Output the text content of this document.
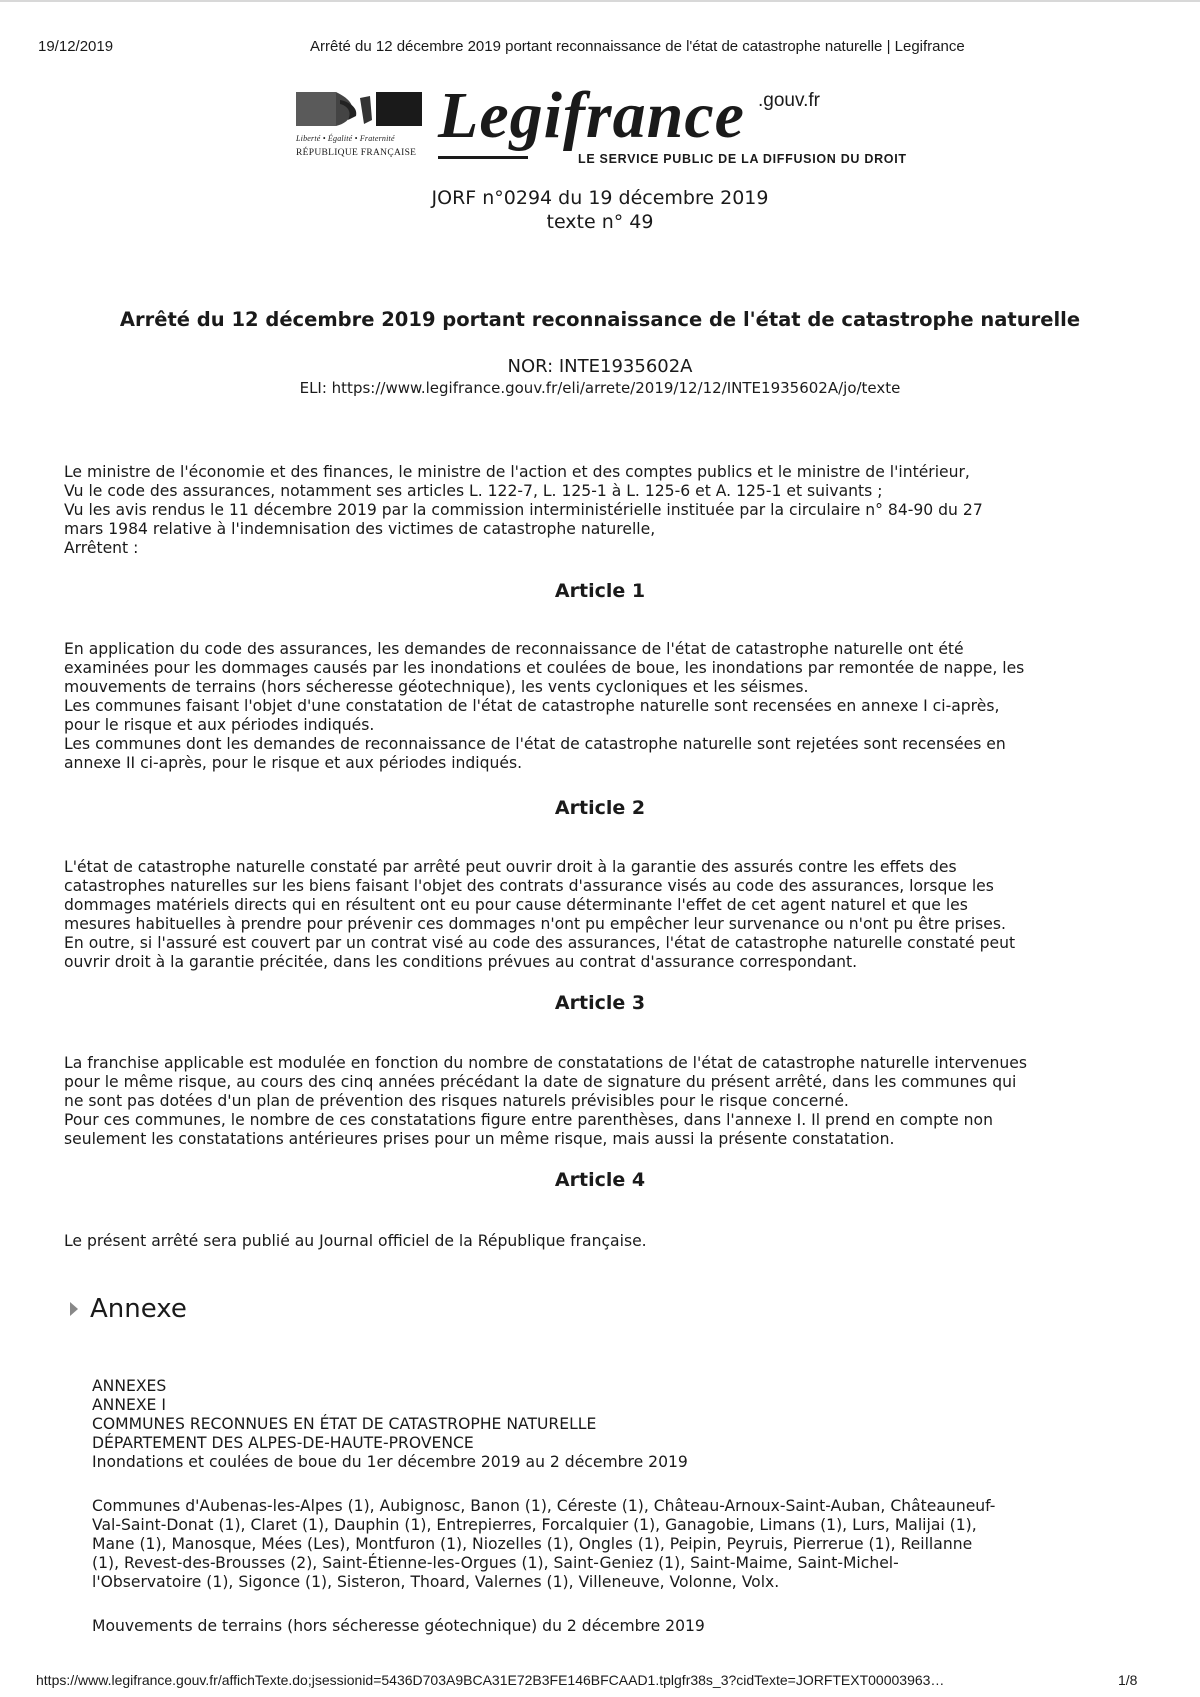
19/12/2019	Arrêté du 12 décembre 2019 portant reconnaissance de l'état de catastrophe naturelle | Legifrance
Liberté • Égalité • Fraternité
RÉPUBLIQUE FRANÇAISE
Legifrance .gouv.fr
LE SERVICE PUBLIC DE LA DIFFUSION DU DROIT
JORF n°0294 du 19 décembre 2019
texte n° 49
Arrêté du 12 décembre 2019 portant reconnaissance de l'état de catastrophe naturelle
NOR: INTE1935602A
ELI: https://www.legifrance.gouv.fr/eli/arrete/2019/12/12/INTE1935602A/jo/texte
Le ministre de l'économie et des finances, le ministre de l'action et des comptes publics et le ministre de l'intérieur,
Vu le code des assurances, notamment ses articles L. 122-7, L. 125-1 à L. 125-6 et A. 125-1 et suivants ;
Vu les avis rendus le 11 décembre 2019 par la commission interministérielle instituée par la circulaire n° 84-90 du 27
mars 1984 relative à l'indemnisation des victimes de catastrophe naturelle,
Arrêtent :
Article 1
En application du code des assurances, les demandes de reconnaissance de l'état de catastrophe naturelle ont été
examinées pour les dommages causés par les inondations et coulées de boue, les inondations par remontée de nappe, les
mouvements de terrains (hors sécheresse géotechnique), les vents cycloniques et les séismes.
Les communes faisant l'objet d'une constatation de l'état de catastrophe naturelle sont recensées en annexe I ci-après,
pour le risque et aux périodes indiqués.
Les communes dont les demandes de reconnaissance de l'état de catastrophe naturelle sont rejetées sont recensées en
annexe II ci-après, pour le risque et aux périodes indiqués.
Article 2
L'état de catastrophe naturelle constaté par arrêté peut ouvrir droit à la garantie des assurés contre les effets des
catastrophes naturelles sur les biens faisant l'objet des contrats d'assurance visés au code des assurances, lorsque les
dommages matériels directs qui en résultent ont eu pour cause déterminante l'effet de cet agent naturel et que les
mesures habituelles à prendre pour prévenir ces dommages n'ont pu empêcher leur survenance ou n'ont pu être prises.
En outre, si l'assuré est couvert par un contrat visé au code des assurances, l'état de catastrophe naturelle constaté peut
ouvrir droit à la garantie précitée, dans les conditions prévues au contrat d'assurance correspondant.
Article 3
La franchise applicable est modulée en fonction du nombre de constatations de l'état de catastrophe naturelle intervenues
pour le même risque, au cours des cinq années précédant la date de signature du présent arrêté, dans les communes qui
ne sont pas dotées d'un plan de prévention des risques naturels prévisibles pour le risque concerné.
Pour ces communes, le nombre de ces constatations figure entre parenthèses, dans l'annexe I. Il prend en compte non
seulement les constatations antérieures prises pour un même risque, mais aussi la présente constatation.
Article 4
Le présent arrêté sera publié au Journal officiel de la République française.
Annexe
ANNEXES
ANNEXE I
COMMUNES RECONNUES EN ÉTAT DE CATASTROPHE NATURELLE
DÉPARTEMENT DES ALPES-DE-HAUTE-PROVENCE
Inondations et coulées de boue du 1er décembre 2019 au 2 décembre 2019
Communes d'Aubenas-les-Alpes (1), Aubignosc, Banon (1), Céreste (1), Château-Arnoux-Saint-Auban, Châteauneuf-
Val-Saint-Donat (1), Claret (1), Dauphin (1), Entrepierres, Forcalquier (1), Ganagobie, Limans (1), Lurs, Malijai (1),
Mane (1), Manosque, Mées (Les), Montfuron (1), Niozelles (1), Ongles (1), Peipin, Peyruis, Pierrerue (1), Reillanne
(1), Revest-des-Brousses (2), Saint-Étienne-les-Orgues (1), Saint-Geniez (1), Saint-Maime, Saint-Michel-
l'Observatoire (1), Sigonce (1), Sisteron, Thoard, Valernes (1), Villeneuve, Volonne, Volx.
Mouvements de terrains (hors sécheresse géotechnique) du 2 décembre 2019
https://www.legifrance.gouv.fr/affichTexte.do;jsessionid=5436D703A9BCA31E72B3FE146BFCAAD1.tplgfr38s_3?cidTexte=JORFTEXT00003963…	1/8
